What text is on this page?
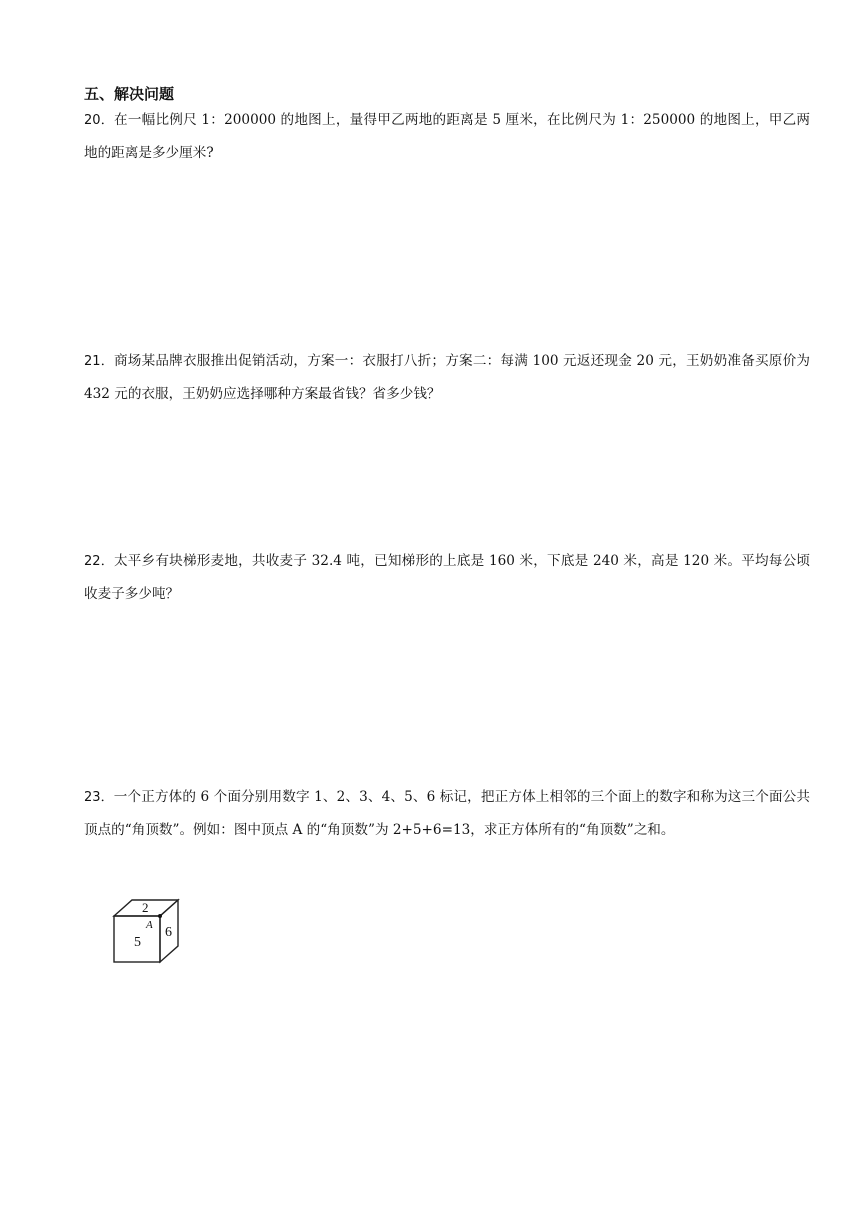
五、解决问题

20．在一幅比例尺 1：200000 的地图上，量得甲乙两地的距离是 5 厘米，在比例尺为 1：250000 的地图上，甲乙两地的距离是多少厘米?

21．商场某品牌衣服推出促销活动，方案一：衣服打八折；方案二：每满 100 元返还现金 20 元，王奶奶准备买原价为 432 元的衣服，王奶奶应选择哪种方案最省钱？省多少钱？

22．太平乡有块梯形麦地，共收麦子 32.4 吨，已知梯形的上底是 160 米，下底是 240 米，高是 120 米。平均每公顷收麦子多少吨？

23．一个正方体的 6 个面分别用数字 1、2、3、4、5、6 标记，把正方体上相邻的三个面上的数字和称为这三个面公共顶点的“角顶数”。例如：图中顶点 A 的“角顶数”为 2+5+6=13，求正方体所有的“角顶数”之和。

2
5
6
A
